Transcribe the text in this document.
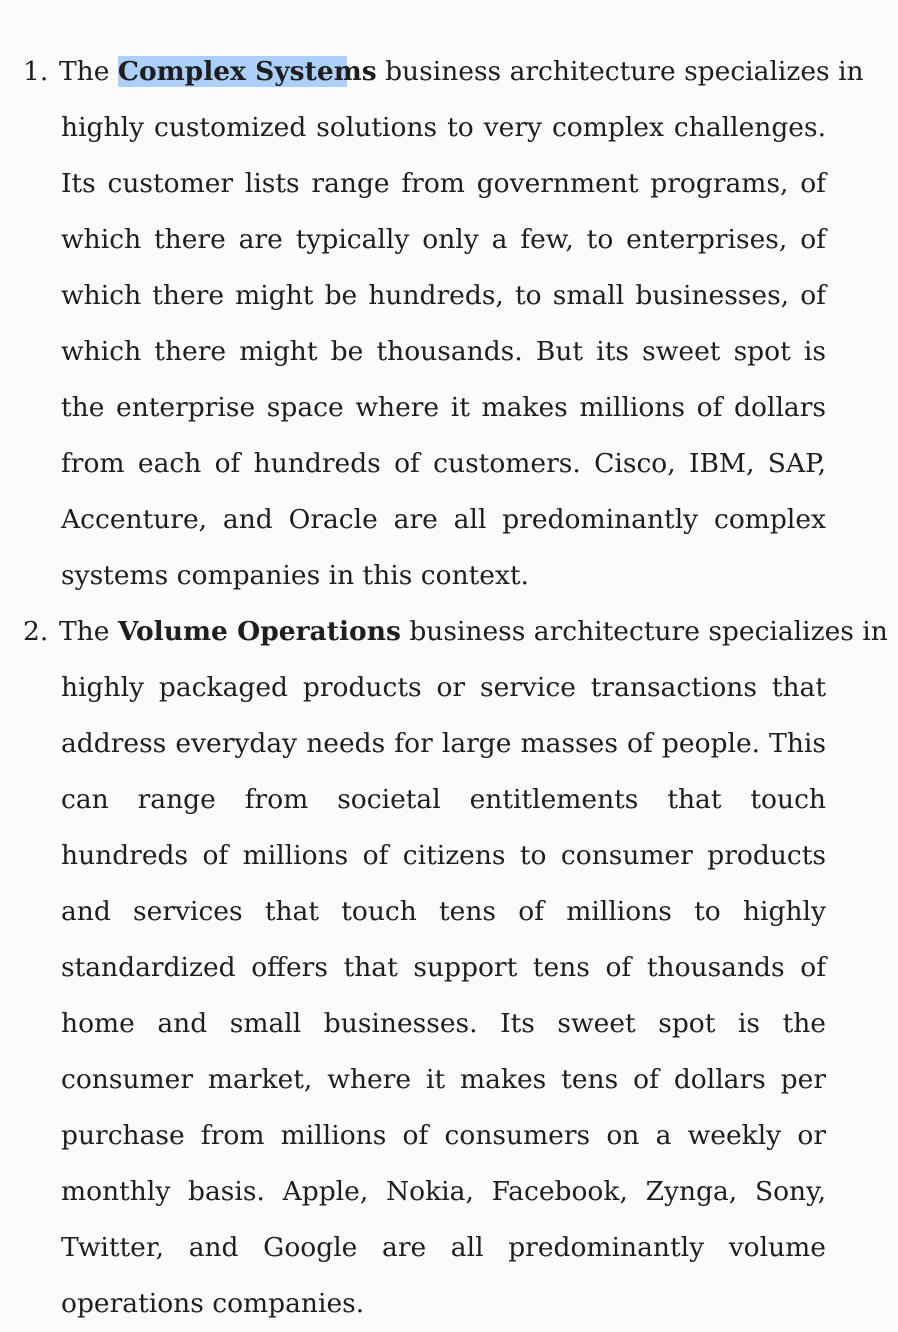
1. The Complex Systems business architecture specializes in
highly customized solutions to very complex challenges. Its customer lists range from government programs, of which there are typically only a few, to enterprises, of which there might be hundreds, to small businesses, of which there might be thousands. But its sweet spot is the enterprise space where it makes millions of dollars from each of hundreds of customers. Cisco, IBM, SAP, Accenture, and Oracle are all predominantly complex systems companies in this context.
2. The Volume Operations business architecture specializes in
highly packaged products or service transactions that address everyday needs for large masses of people. This can range from societal entitlements that touch hundreds of millions of citizens to consumer products and services that touch tens of millions to highly standardized offers that support tens of thousands of home and small businesses. Its sweet spot is the consumer market, where it makes tens of dollars per purchase from millions of consumers on a weekly or monthly basis. Apple, Nokia, Facebook, Zynga, Sony, Twitter, and Google are all predominantly volume operations companies.
